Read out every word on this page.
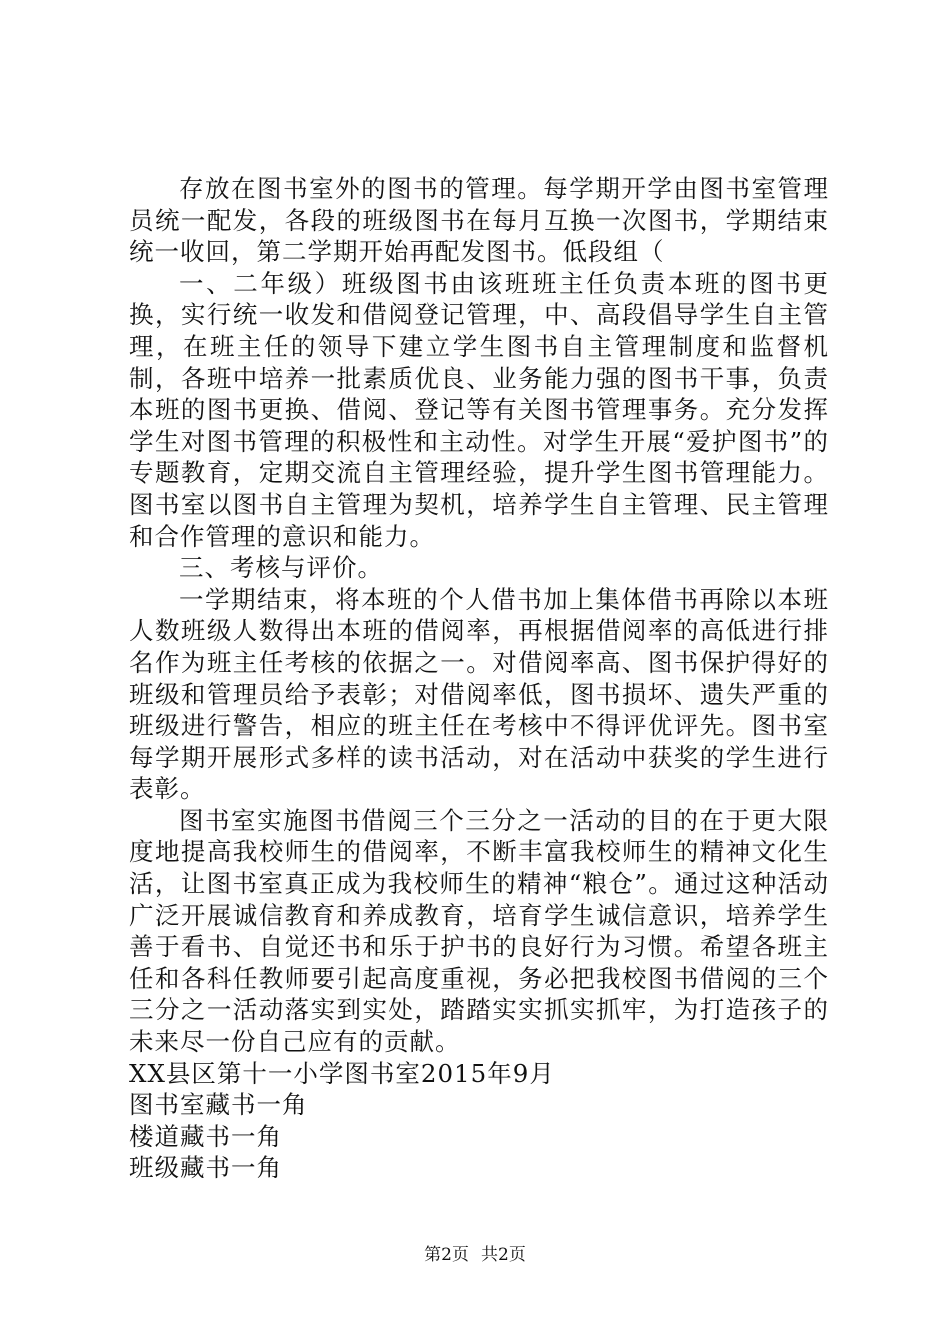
存放在图书室外的图书的管理。每学期开学由图书室管理员统一配发，各段的班级图书在每月互换一次图书，学期结束统一收回，第二学期开始再配发图书。低段组（

一、二年级）班级图书由该班班主任负责本班的图书更换，实行统一收发和借阅登记管理，中、高段倡导学生自主管理，在班主任的领导下建立学生图书自主管理制度和监督机制，各班中培养一批素质优良、业务能力强的图书干事，负责本班的图书更换、借阅、登记等有关图书管理事务。充分发挥学生对图书管理的积极性和主动性。对学生开展“爱护图书”的专题教育，定期交流自主管理经验，提升学生图书管理能力。图书室以图书自主管理为契机，培养学生自主管理、民主管理和合作管理的意识和能力。

三、考核与评价。

一学期结束，将本班的个人借书加上集体借书再除以本班人数班级人数得出本班的借阅率，再根据借阅率的高低进行排名作为班主任考核的依据之一。对借阅率高、图书保护得好的班级和管理员给予表彰；对借阅率低，图书损坏、遗失严重的班级进行警告，相应的班主任在考核中不得评优评先。图书室每学期开展形式多样的读书活动，对在活动中获奖的学生进行表彰。

图书室实施图书借阅三个三分之一活动的目的在于更大限度地提高我校师生的借阅率，不断丰富我校师生的精神文化生活，让图书室真正成为我校师生的精神“粮仓”。通过这种活动广泛开展诚信教育和养成教育，培育学生诚信意识，培养学生善于看书、自觉还书和乐于护书的良好行为习惯。希望各班主任和各科任教师要引起高度重视，务必把我校图书借阅的三个三分之一活动落实到实处，踏踏实实抓实抓牢，为打造孩子的未来尽一份自己应有的贡献。

XX县区第十一小学图书室2015年9月

图书室藏书一角

楼道藏书一角

班级藏书一角

第2页 共2页
